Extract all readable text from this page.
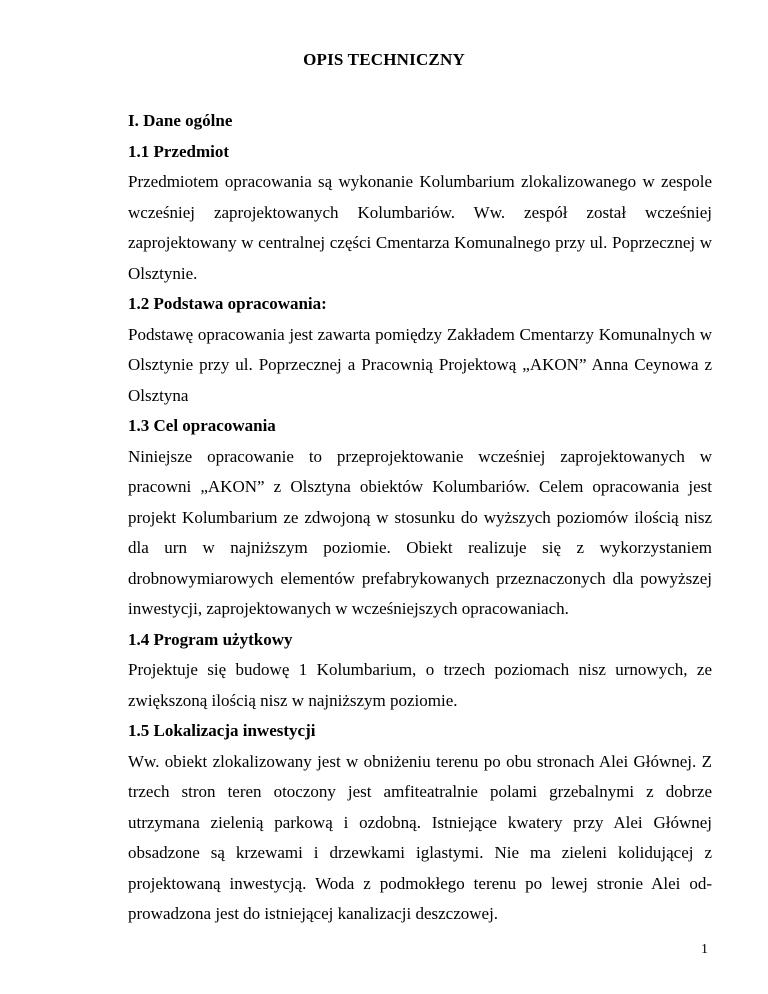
OPIS TECHNICZNY

I. Dane ogólne

1.1 Przedmiot

Przedmiotem opracowania są wykonanie Kolumbarium zlokalizowanego w zespole wcześniej zaprojektowanych Kolumbariów. Ww. zespół został wcześniej zaprojektowany w centralnej części Cmentarza Komunalnego przy ul. Poprzecznej w Olsztynie.

1.2 Podstawa opracowania:

Podstawę opracowania jest zawarta pomiędzy Zakładem Cmentarzy Komunalnych w Olsztynie przy ul. Poprzecznej a Pracownią Projektową „AKON” Anna Ceynowa z Olsztyna

1.3 Cel opracowania

Niniejsze opracowanie to przeprojektowanie wcześniej zaprojektowanych w pracowni „AKON” z Olsztyna obiektów Kolumbariów. Celem opracowania jest projekt Kolumbarium ze zdwojoną w stosunku do wyższych poziomów ilością nisz dla urn w najniższym poziomie. Obiekt realizuje się z wykorzystaniem drobnowymiarowych elementów prefabrykowanych przeznaczonych dla powyższej inwestycji, zaprojektowanych w wcześniejszych opracowaniach.

1.4 Program użytkowy

Projektuje się budowę 1 Kolumbarium, o trzech poziomach nisz urnowych, ze zwiększoną ilością nisz w najniższym poziomie.

1.5 Lokalizacja inwestycji

Ww. obiekt zlokalizowany jest w obniżeniu terenu po obu stronach Alei Głównej. Z trzech stron teren otoczony jest amfiteatralnie polami grzebalnymi z dobrze utrzymana zielenią parkową i ozdobną. Istniejące kwatery przy Alei Głównej obsadzone są krzewami i drzewkami iglastymi. Nie ma zieleni kolidującej z projektowaną inwestycją. Woda z podmokłego terenu po lewej stronie Alei od-prowadzona jest do istniejącej kanalizacji deszczowej.

1
